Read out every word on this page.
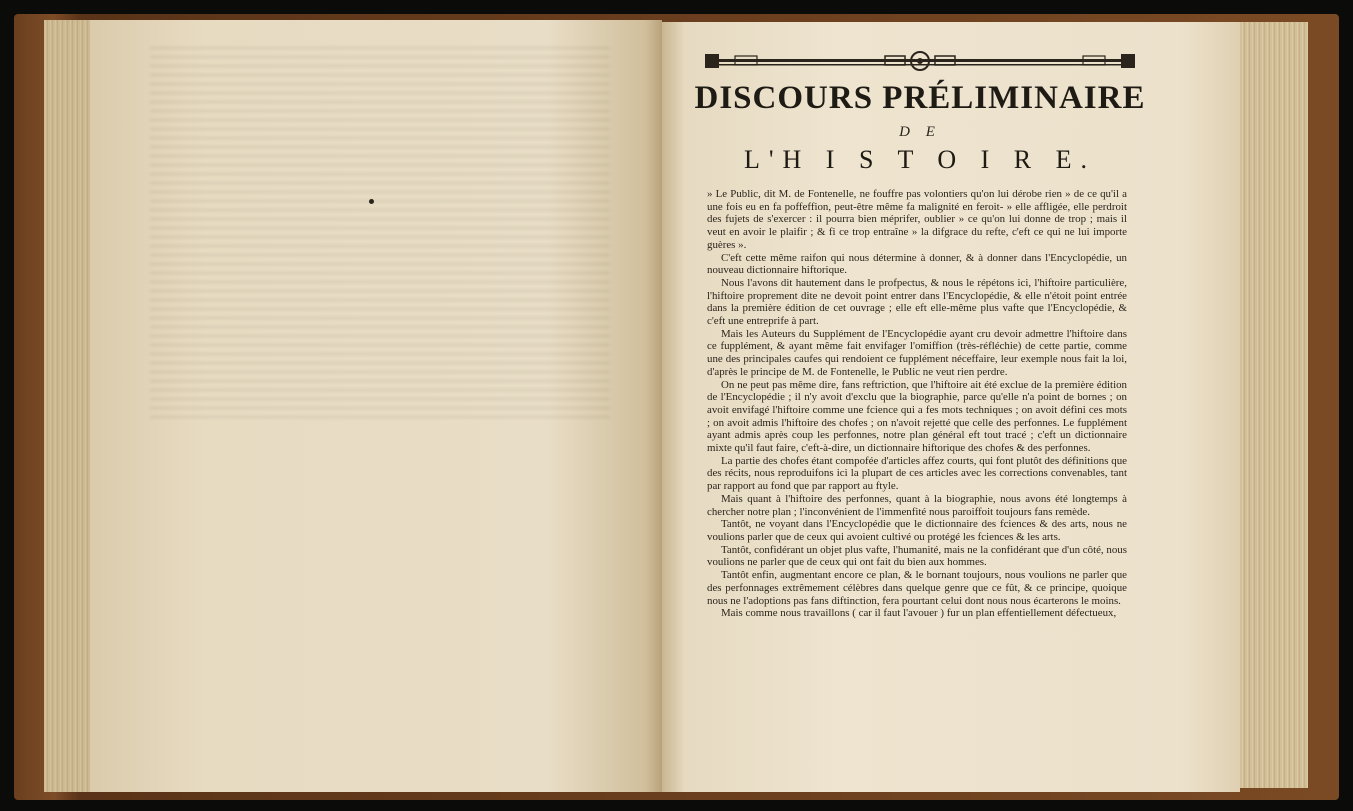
DISCOURS PRÉLIMINAIRE
D E
L'H I S T O I R E.

» Le Public, dit M. de Fontenelle, ne fouffre pas volontiers qu'on lui dérobe rien » de ce qu'il a une fois eu en fa poffeffion, peut-être même fa malignité en feroit- » elle affligée, elle perdroit des fujets de s'exercer : il pourra bien méprifer, oublier » ce qu'on lui donne de trop ; mais il veut en avoir le plaifir ; & fi ce trop entraîne » la difgrace du refte, c'eft ce qui ne lui importe guères ».

C'eft cette même raifon qui nous détermine à donner, & à donner dans l'Encyclopédie, un nouveau dictionnaire hiftorique.

Nous l'avons dit hautement dans le profpectus, & nous le répétons ici, l'hiftoire particulière, l'hiftoire proprement dite ne devoit point entrer dans l'Encyclopédie, & elle n'étoit point entrée dans la première édition de cet ouvrage ; elle eft elle-même plus vafte que l'Encyclopédie, & c'eft une entreprife à part.

Mais les Auteurs du Supplément de l'Encyclopédie ayant cru devoir admettre l'hiftoire dans ce fupplément, & ayant même fait envifager l'omiffion (très-réfléchie) de cette partie, comme une des principales caufes qui rendoient ce fupplément néceffaire, leur exemple nous fait la loi, d'après le principe de M. de Fontenelle, le Public ne veut rien perdre.

On ne peut pas même dire, fans reftriction, que l'hiftoire ait été exclue de la première édition de l'Encyclopédie ; il n'y avoit d'exclu que la biographie, parce qu'elle n'a point de bornes ; on avoit envifagé l'hiftoire comme une fcience qui a fes mots techniques ; on avoit défini ces mots ; on avoit admis l'hiftoire des chofes ; on n'avoit rejetté que celle des perfonnes. Le fupplément ayant admis après coup les perfonnes, notre plan général eft tout tracé ; c'eft un dictionnaire mixte qu'il faut faire, c'eft-à-dire, un dictionnaire hiftorique des chofes & des perfonnes.

La partie des chofes étant compofée d'articles affez courts, qui font plutôt des définitions que des récits, nous reproduifons ici la plupart de ces articles avec les corrections convenables, tant par rapport au fond que par rapport au ftyle.

Mais quant à l'hiftoire des perfonnes, quant à la biographie, nous avons été longtemps à chercher notre plan ; l'inconvénient de l'immenfité nous paroiffoit toujours fans remède.

Tantôt, ne voyant dans l'Encyclopédie que le dictionnaire des fciences & des arts, nous ne voulions parler que de ceux qui avoient cultivé ou protégé les fciences & les arts.

Tantôt, confidérant un objet plus vafte, l'humanité, mais ne la confidérant que d'un côté, nous voulions ne parler que de ceux qui ont fait du bien aux hommes.

Tantôt enfin, augmentant encore ce plan, & le bornant toujours, nous voulions ne parler que des perfonnages extrêmement célèbres dans quelque genre que ce fût, & ce principe, quoique nous ne l'adoptions pas fans diftinction, fera pourtant celui dont nous nous écarterons le moins.

Mais comme nous travaillons ( car il faut l'avouer ) fur un plan effentiellement défectueux,
